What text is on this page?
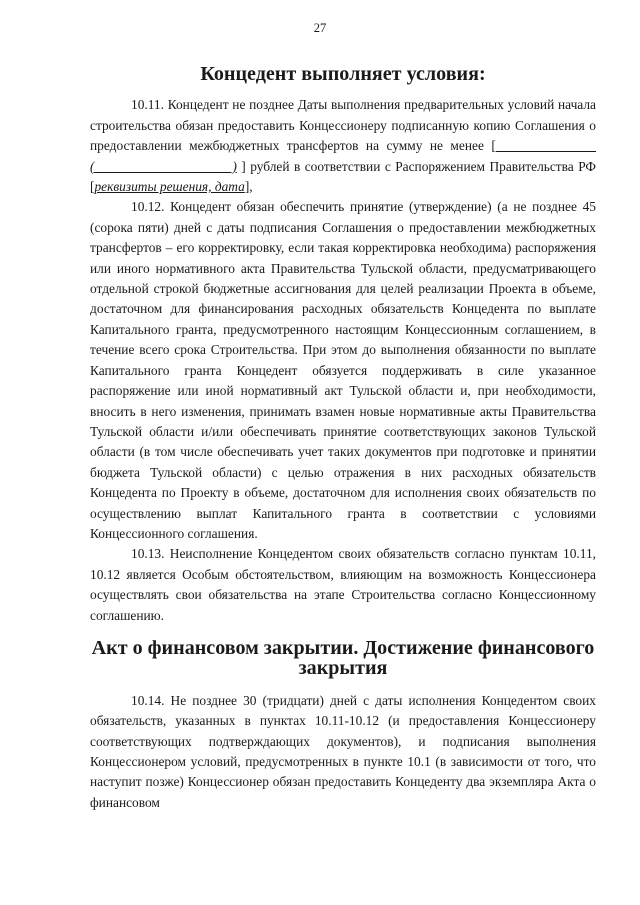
27
Концедент выполняет условия:

10.11. Концедент не позднее Даты выполнения предварительных условий начала строительства обязан предоставить Концессионеру подписанную копию Соглашения о предоставлении межбюджетных трансфертов на сумму не менее [               (                               ) ] рублей в соответствии с Распоряжением Правительства РФ [реквизиты решения, дата],

10.12. Концедент обязан обеспечить принятие (утверждение) (а не позднее 45 (сорока пяти) дней с даты подписания Соглашения о предоставлении межбюджетных трансфертов – его корректировку, если такая корректировка необходима) распоряжения или иного нормативного акта Правительства Тульской области, предусматривающего отдельной строкой бюджетные ассигнования для целей реализации Проекта в объеме, достаточном для финансирования расходных обязательств Концедента по выплате Капитального гранта, предусмотренного настоящим Концессионным соглашением, в течение всего срока Строительства. При этом до выполнения обязанности по выплате Капитального гранта Концедент обязуется поддерживать в силе указанное распоряжение или иной нормативный акт Тульской области и, при необходимости, вносить в него изменения, принимать взамен новые нормативные акты Правительства Тульской области и/или обеспечивать принятие соответствующих законов Тульской области (в том числе обеспечивать учет таких документов при подготовке и принятии бюджета Тульской области) с целью отражения в них расходных обязательств Концедента по Проекту в объеме, достаточном для исполнения своих обязательств по осуществлению выплат Капитального гранта в соответствии с условиями Концессионного соглашения.

10.13. Неисполнение Концедентом своих обязательств согласно пунктам 10.11, 10.12 является Особым обстоятельством, влияющим на возможность Концессионера осуществлять свои обязательства на этапе Строительства согласно Концессионному соглашению.

Акт о финансовом закрытии. Достижение финансового закрытия

10.14. Не позднее 30 (тридцати) дней с даты исполнения Концедентом своих обязательств, указанных в пунктах 10.11-10.12 (и предоставления Концессионеру соответствующих подтверждающих документов), и подписания выполнения Концессионером условий, предусмотренных в пункте 10.1 (в зависимости от того, что наступит позже) Концессионер обязан предоставить Концеденту два экземпляра Акта о финансовом
